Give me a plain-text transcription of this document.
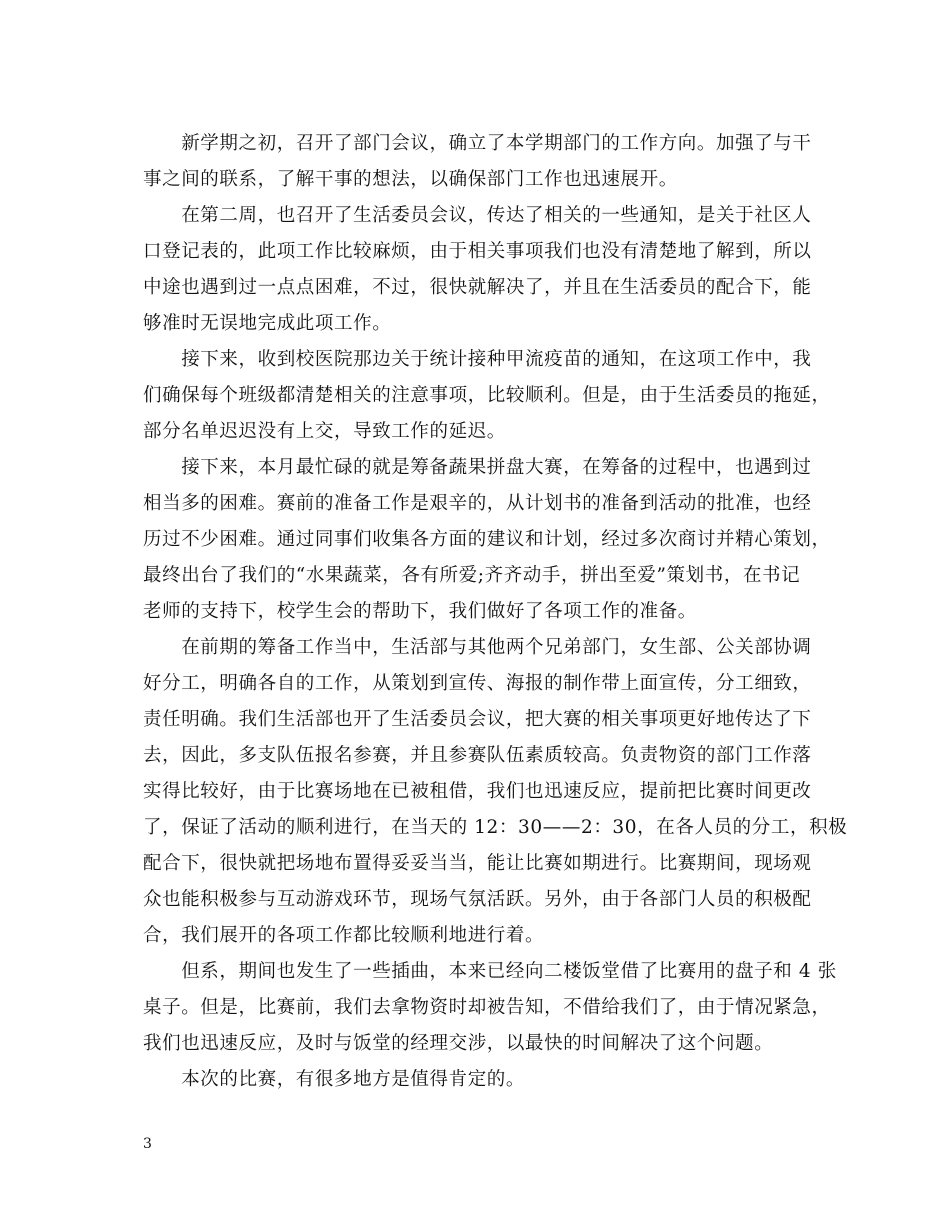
　　新学期之初，召开了部门会议，确立了本学期部门的工作方向。加强了与干
事之间的联系，了解干事的想法，以确保部门工作也迅速展开。
　　在第二周，也召开了生活委员会议，传达了相关的一些通知，是关于社区人
口登记表的，此项工作比较麻烦，由于相关事项我们也没有清楚地了解到，所以
中途也遇到过一点点困难，不过，很快就解决了，并且在生活委员的配合下，能
够准时无误地完成此项工作。
　　接下来，收到校医院那边关于统计接种甲流疫苗的通知，在这项工作中，我
们确保每个班级都清楚相关的注意事项，比较顺利。但是，由于生活委员的拖延，
部分名单迟迟没有上交，导致工作的延迟。
　　接下来，本月最忙碌的就是筹备蔬果拼盘大赛，在筹备的过程中，也遇到过
相当多的困难。赛前的准备工作是艰辛的，从计划书的准备到活动的批准，也经
历过不少困难。通过同事们收集各方面的建议和计划，经过多次商讨并精心策划，
最终出台了我们的“水果蔬菜，各有所爱;齐齐动手，拼出至爱”策划书，在书记
老师的支持下，校学生会的帮助下，我们做好了各项工作的准备。
　　在前期的筹备工作当中，生活部与其他两个兄弟部门，女生部、公关部协调
好分工，明确各自的工作，从策划到宣传、海报的制作带上面宣传，分工细致，
责任明确。我们生活部也开了生活委员会议，把大赛的相关事项更好地传达了下
去，因此，多支队伍报名参赛，并且参赛队伍素质较高。负责物资的部门工作落
实得比较好，由于比赛场地在已被租借，我们也迅速反应，提前把比赛时间更改
了，保证了活动的顺利进行，在当天的 12：30——2：30，在各人员的分工，积极
配合下，很快就把场地布置得妥妥当当，能让比赛如期进行。比赛期间，现场观
众也能积极参与互动游戏环节，现场气氛活跃。另外，由于各部门人员的积极配
合，我们展开的各项工作都比较顺利地进行着。
　　但系，期间也发生了一些插曲，本来已经向二楼饭堂借了比赛用的盘子和 4 张
桌子。但是，比赛前，我们去拿物资时却被告知，不借给我们了，由于情况紧急，
我们也迅速反应，及时与饭堂的经理交涉，以最快的时间解决了这个问题。
　　本次的比赛，有很多地方是值得肯定的。
3
